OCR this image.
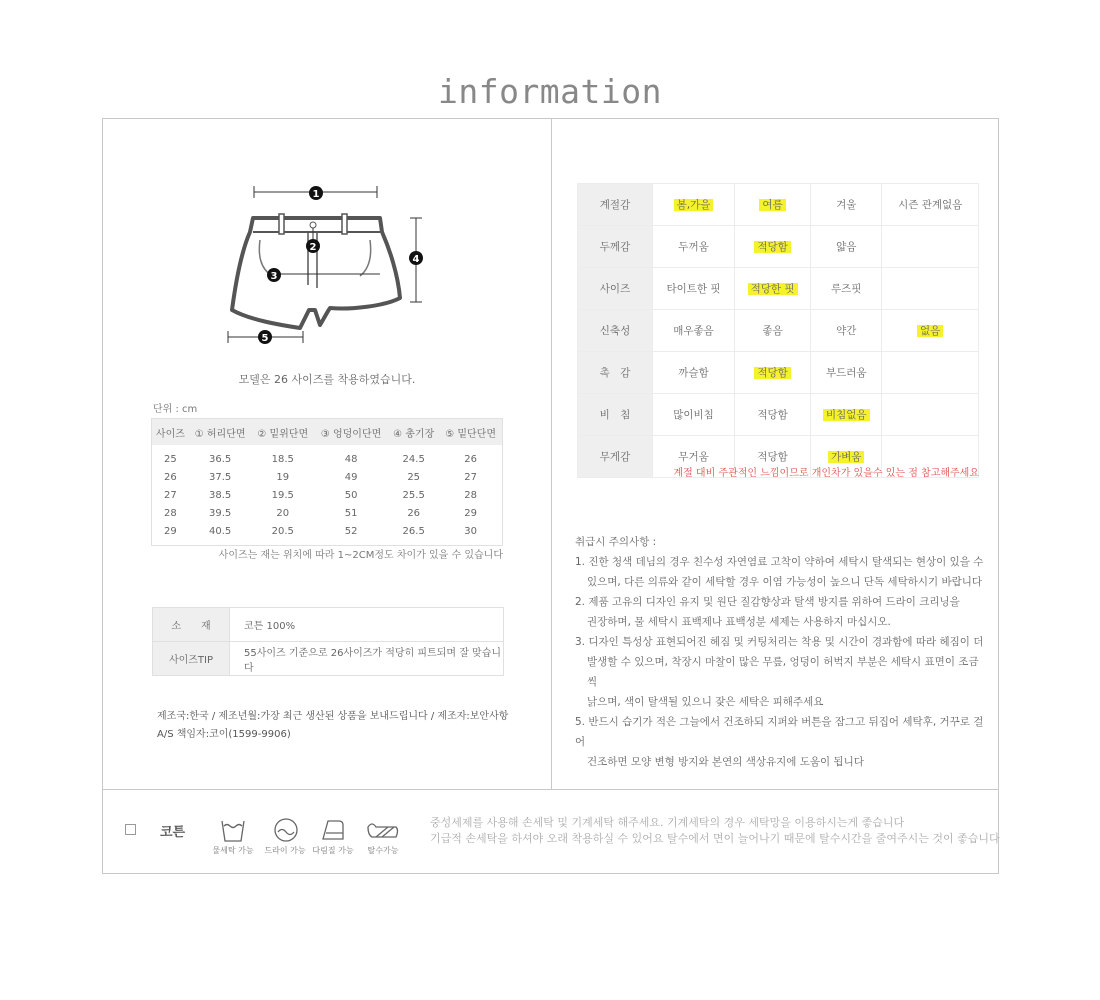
information
1
2
3
4
5
모델은 26 사이즈를 착용하였습니다.
단위 : cm
사이즈	① 허리단면	② 밑위단면	③ 엉덩이단면	④ 총기장	⑤ 밑단단면
25	36.5	18.5	48	24.5	26
26	37.5	19	49	25	27
27	38.5	19.5	50	25.5	28
28	39.5	20	51	26	29
29	40.5	20.5	52	26.5	30
사이즈는 재는 위치에 따라 1~2CM정도 차이가 있을 수 있습니다
소　　재	코튼 100%
사이즈TIP	55사이즈 기준으로 26사이즈가 적당히 피트되며 잘 맞습니다
제조국:한국 / 제조년월:가장 최근 생산된 상품을 보내드립니다 / 제조자:보안사항
A/S 책임자:코이(1599-9906)
계절감	봄,가을	여름	겨울	시즌 관계없음
두께감	두꺼움	적당함	얇음	
사이즈	타이트한 핏	적당한 핏	루즈핏	
신축성	매우좋음	좋음	약간	없음
촉　감	까슬함	적당함	부드러움	
비　침	많이비침	적당함	비침없음	
무게감	무거움	적당함	가벼움	
계절 대비 주관적인 느낌이므로 개인차가 있을수 있는 점 참고해주세요
취급시 주의사항 :
1. 진한 청색 데님의 경우 친수성 자연염료 고착이 약하여 세탁시 탈색되는 현상이 있을 수
있으며, 다른 의류와 같이 세탁할 경우 이염 가능성이 높으니 단독 세탁하시기 바랍니다
2. 제품 고유의 디자인 유지 및 원단 질감향상과 탈색 방지를 위하여 드라이 크리닝을
권장하며, 물 세탁시 표백제나 표백성분 세제는 사용하지 마십시오.
3. 디자인 특성상 표현되어진 헤짐 및 커팅처리는 착용 및 시간이 경과함에 따라 헤짐이 더
발생할 수 있으며, 착장시 마찰이 많은 무릎, 엉덩이 허벅지 부분은 세탁시 표면이 조금씩
낡으며, 색이 탈색될 있으니 잦은 세탁은 피해주세요
5. 반드시 습기가 적은 그늘에서 건조하되 지퍼와 버튼을 잠그고 뒤집어 세탁후, 거꾸로 걸어
건조하면 모양 변형 방지와 본연의 색상유지에 도움이 됩니다
코튼
물세탁 가능	드라이 가능 다림질 가능	탈수가능
중성세제를 사용해 손세탁 및 기계세탁 해주세요. 기계세탁의 경우 세탁망을 이용하시는게 좋습니다
기급적 손세탁을 하셔야 오래 착용하실 수 있어요 탈수에서 면이 늘어나기 때문에 탈수시간을 줄여주시는 것이 좋습니다
